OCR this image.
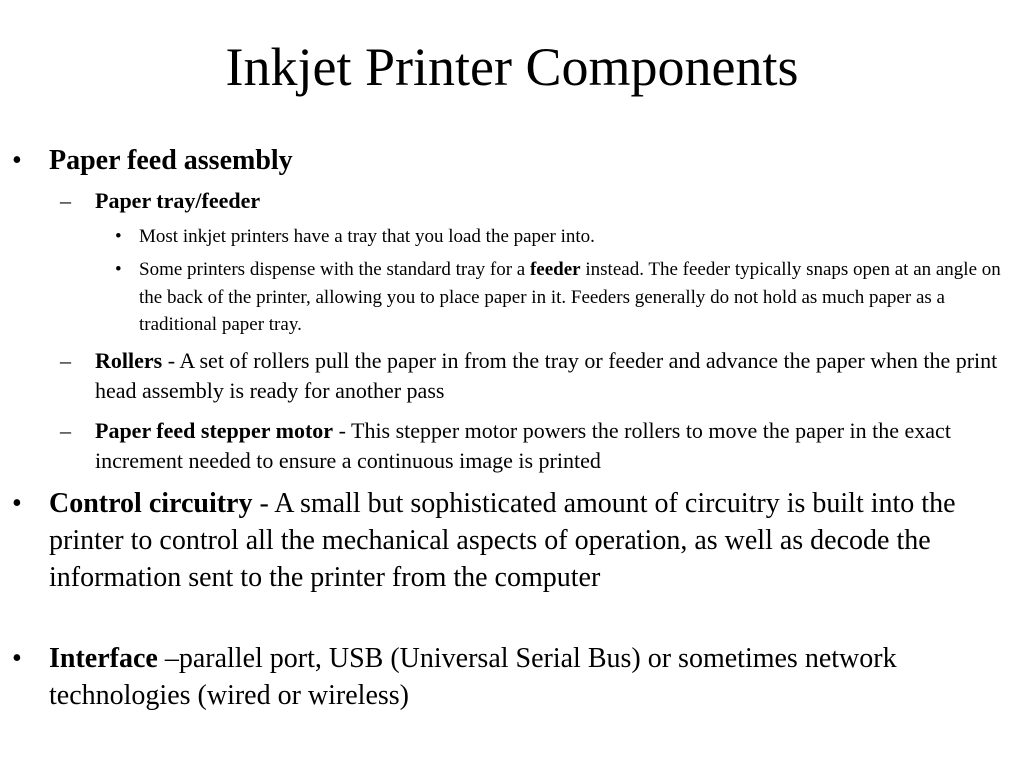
Inkjet Printer Components
• Paper feed assembly

– Paper tray/feeder

• Most inkjet printers have a tray that you load the paper into.

• Some printers dispense with the standard tray for a feeder instead. The feeder typically snaps open at an angle on the back of the printer, allowing you to place paper in it. Feeders generally do not hold as much paper as a traditional paper tray.

– Rollers - A set of rollers pull the paper in from the tray or feeder and advance the paper when the print head assembly is ready for another pass

– Paper feed stepper motor - This stepper motor powers the rollers to move the paper in the exact increment needed to ensure a continuous image is printed

• Control circuitry - A small but sophisticated amount of circuitry is built into the printer to control all the mechanical aspects of operation, as well as decode the information sent to the printer from the computer

• Interface –parallel port, USB (Universal Serial Bus) or sometimes network technologies (wired or wireless)
